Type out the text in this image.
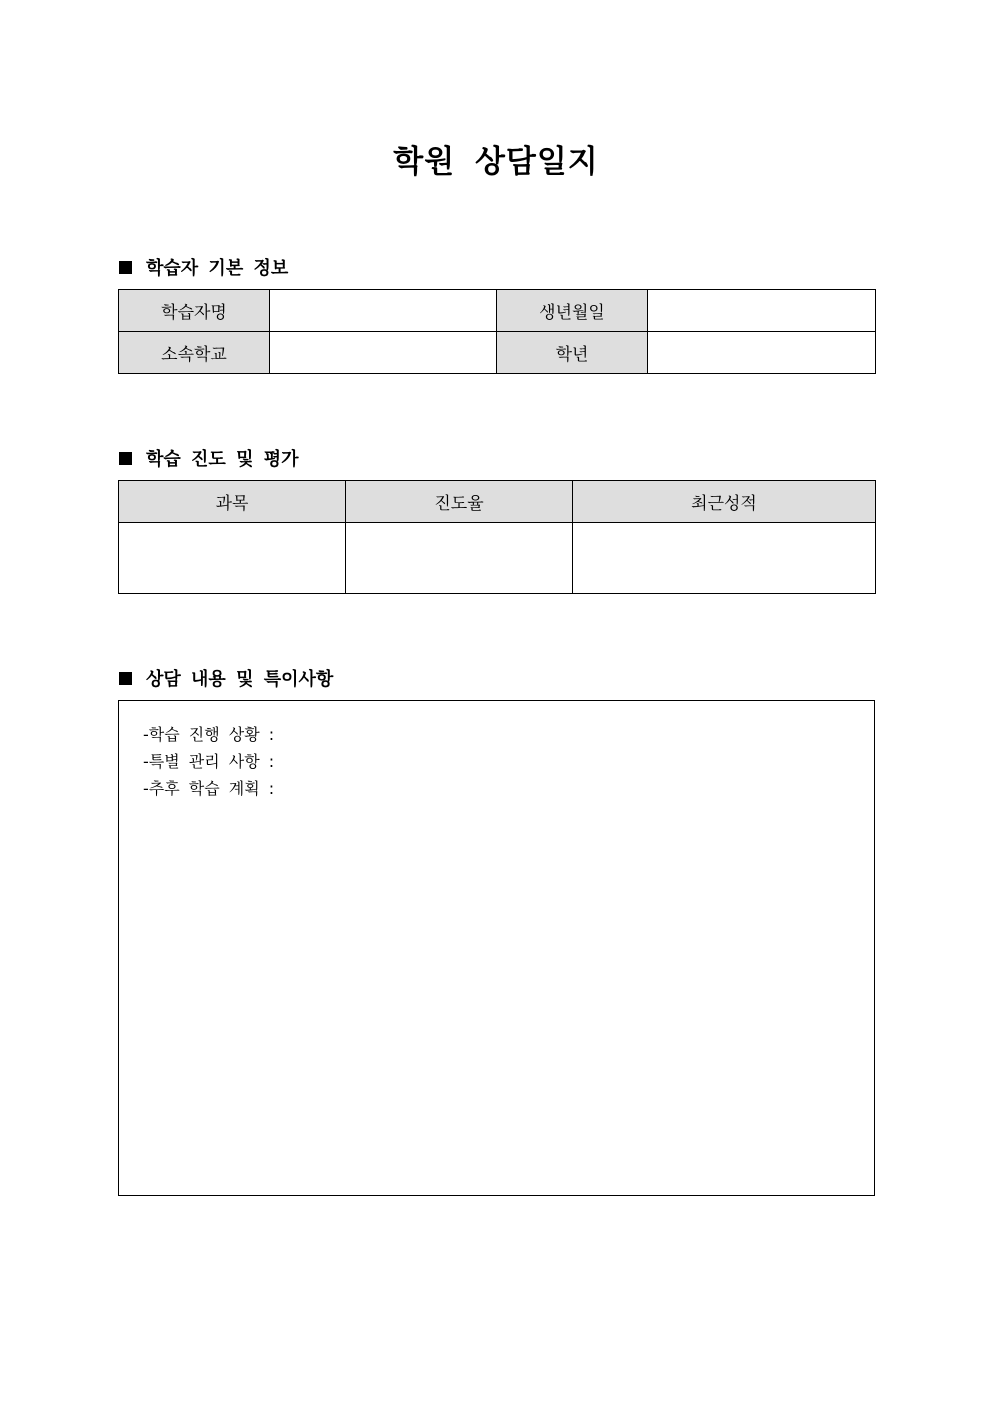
학원 상담일지
학습자 기본 정보
학습자명		생년월일	
소속학교		학년	
학습 진도 및 평가
과목	진도율	최근성적

상담 내용 및 특이사항
-학습 진행 상황 :
-특별 관리 사항 :
-추후 학습 계획 :
